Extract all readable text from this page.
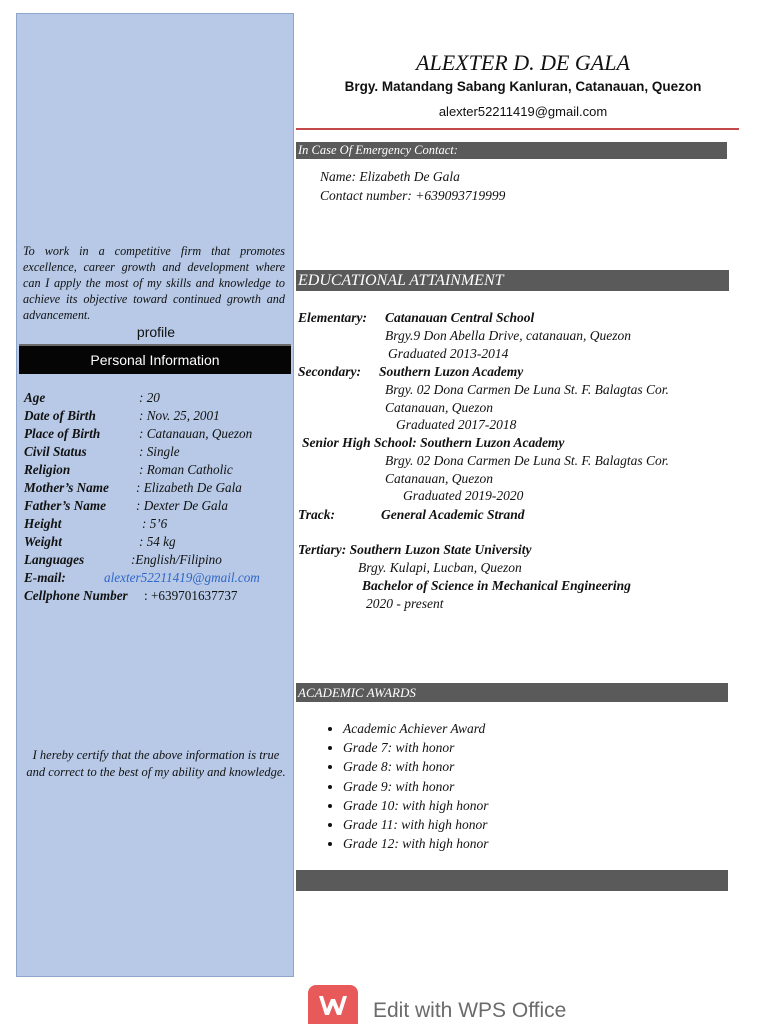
To work in a competitive firm that promotes excellence, career growth and development where can I apply the most of my skills and knowledge to achieve its objective toward continued growth and advancement.
profile
Personal Information
Age	: 20
Date of Birth	: Nov. 25, 2001
Place of Birth	: Catanauan, Quezon
Civil Status	: Single
Religion	: Roman Catholic
Mother’s Name : Elizabeth De Gala
Father’s Name : Dexter De Gala
Height	: 5’6
Weight	: 54 kg
Languages	:English/Filipino
E-mail:	alexter52211419@gmail.com
Cellphone Number : +639701637737
I hereby certify that the above information is true and correct to the best of my ability and knowledge.
ALEXTER D. DE GALA
Brgy. Matandang Sabang Kanluran, Catanauan, Quezon
alexter52211419@gmail.com
In Case Of Emergency Contact:
Name: Elizabeth De Gala
Contact number: +639093719999
EDUCATIONAL ATTAINMENT
Elementary: Catanauan Central School
Brgy.9 Don Abella Drive, catanauan, Quezon
Graduated 2013-2014
Secondary: Southern Luzon Academy
Brgy. 02 Dona Carmen De Luna St. F. Balagtas Cor.
Catanauan, Quezon
Graduated 2017-2018
Senior High School: Southern Luzon Academy
Brgy. 02 Dona Carmen De Luna St. F. Balagtas Cor.
Catanauan, Quezon
Graduated 2019-2020
Track:	General Academic Strand
Tertiary: Southern Luzon State University
Brgy. Kulapi, Lucban, Quezon
Bachelor of Science in Mechanical Engineering
2020 - present
ACADEMIC AWARDS
• Academic Achiever Award
• Grade 7: with honor
• Grade 8: with honor
• Grade 9: with honor
• Grade 10: with high honor
• Grade 11: with high honor
• Grade 12: with high honor
Edit with WPS Office
